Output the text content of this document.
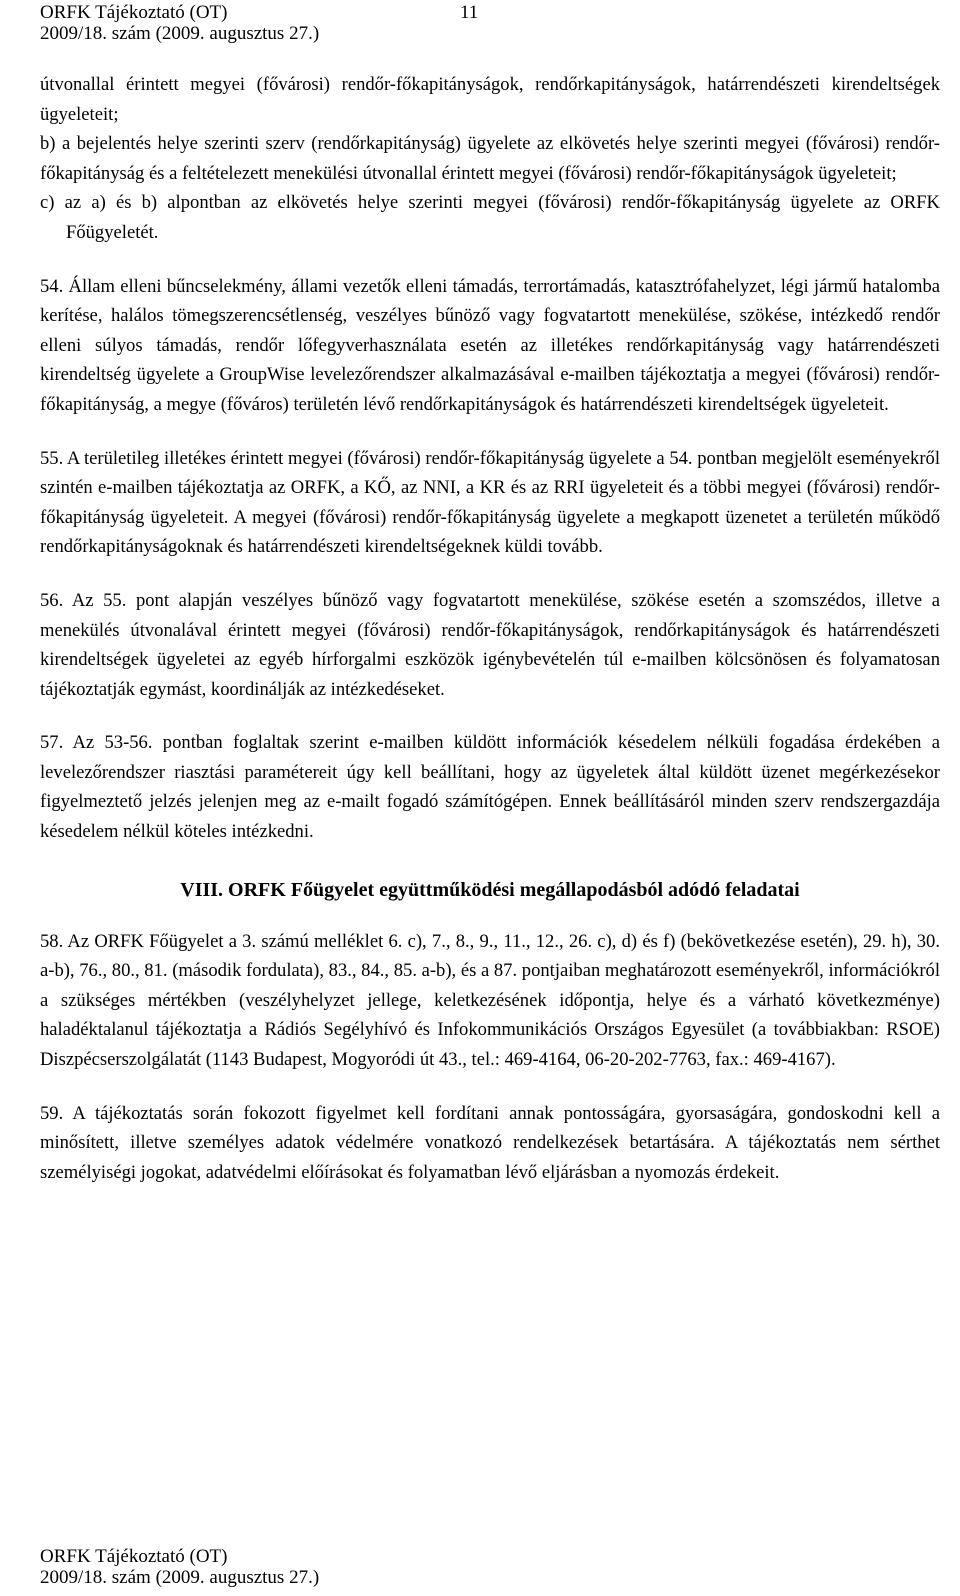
ORFK Tájékoztató (OT)
2009/18. szám (2009. augusztus 27.)
11

útvonallal érintett megyei (fővárosi) rendőr-főkapitányságok, rendőrkapitányságok, határrendészeti kirendeltségek ügyeleteit;

b) a bejelentés helye szerinti szerv (rendőrkapitányság) ügyelete az elkövetés helye szerinti megyei (fővárosi) rendőr-főkapitányság és a feltételezett menekülési útvonallal érintett megyei (fővárosi) rendőr-főkapitányságok ügyeleteit;

c) az a) és b) alpontban az elkövetés helye szerinti megyei (fővárosi) rendőr-főkapitányság ügyelete az ORFK Főügyeletét.

54. Állam elleni bűncselekmény, állami vezetők elleni támadás, terrortámadás, katasztrófahelyzet, légi jármű hatalomba kerítése, halálos tömegszerencsétlenség, veszélyes bűnöző vagy fogvatartott menekülése, szökése, intézkedő rendőr elleni súlyos támadás, rendőr lőfegyverhasználata esetén az illetékes rendőrkapitányság vagy határrendészeti kirendeltség ügyelete a GroupWise levelezőrendszer alkalmazásával e-mailben tájékoztatja a megyei (fővárosi) rendőr-főkapitányság, a megye (főváros) területén lévő rendőrkapitányságok és határrendészeti kirendeltségek ügyeleteit.

55. A területileg illetékes érintett megyei (fővárosi) rendőr-főkapitányság ügyelete a 54. pontban megjelölt eseményekről szintén e-mailben tájékoztatja az ORFK, a KŐ, az NNI, a KR és az RRI ügyeleteit és a többi megyei (fővárosi) rendőr-főkapitányság ügyeleteit. A megyei (fővárosi) rendőr-főkapitányság ügyelete a megkapott üzenetet a területén működő rendőrkapitányságoknak és határrendészeti kirendeltségeknek küldi tovább.

56. Az 55. pont alapján veszélyes bűnöző vagy fogvatartott menekülése, szökése esetén a szomszédos, illetve a menekülés útvonalával érintett megyei (fővárosi) rendőr-főkapitányságok, rendőrkapitányságok és határrendészeti kirendeltségek ügyeletei az egyéb hírforgalmi eszközök igénybevételén túl e-mailben kölcsönösen és folyamatosan tájékoztatják egymást, koordinálják az intézkedéseket.

57. Az 53-56. pontban foglaltak szerint e-mailben küldött információk késedelem nélküli fogadása érdekében a levelezőrendszer riasztási paramétereit úgy kell beállítani, hogy az ügyeletek által küldött üzenet megérkezésekor figyelmeztető jelzés jelenjen meg az e-mailt fogadó számítógépen. Ennek beállításáról minden szerv rendszergazdája késedelem nélkül köteles intézkedni.

VIII. ORFK Főügyelet együttműködési megállapodásból adódó feladatai

58. Az ORFK Főügyelet a 3. számú melléklet 6. c), 7., 8., 9., 11., 12., 26. c), d) és f) (bekövetkezése esetén), 29. h), 30. a-b), 76., 80., 81. (második fordulata), 83., 84., 85. a-b), és a 87. pontjaiban meghatározott eseményekről, információkról a szükséges mértékben (veszélyhelyzet jellege, keletkezésének időpontja, helye és a várható következménye) haladéktalanul tájékoztatja a Rádiós Segélyhívó és Infokommunikációs Országos Egyesület (a továbbiakban: RSOE) Diszpécserszolgálatát (1143 Budapest, Mogyoródi út 43., tel.: 469-4164, 06-20-202-7763, fax.: 469-4167).

59. A tájékoztatás során fokozott figyelmet kell fordítani annak pontosságára, gyorsaságára, gondoskodni kell a minősített, illetve személyes adatok védelmére vonatkozó rendelkezések betartására. A tájékoztatás nem sérthet személyiségi jogokat, adatvédelmi előírásokat és folyamatban lévő eljárásban a nyomozás érdekeit.

ORFK Tájékoztató (OT)
2009/18. szám (2009. augusztus 27.)
